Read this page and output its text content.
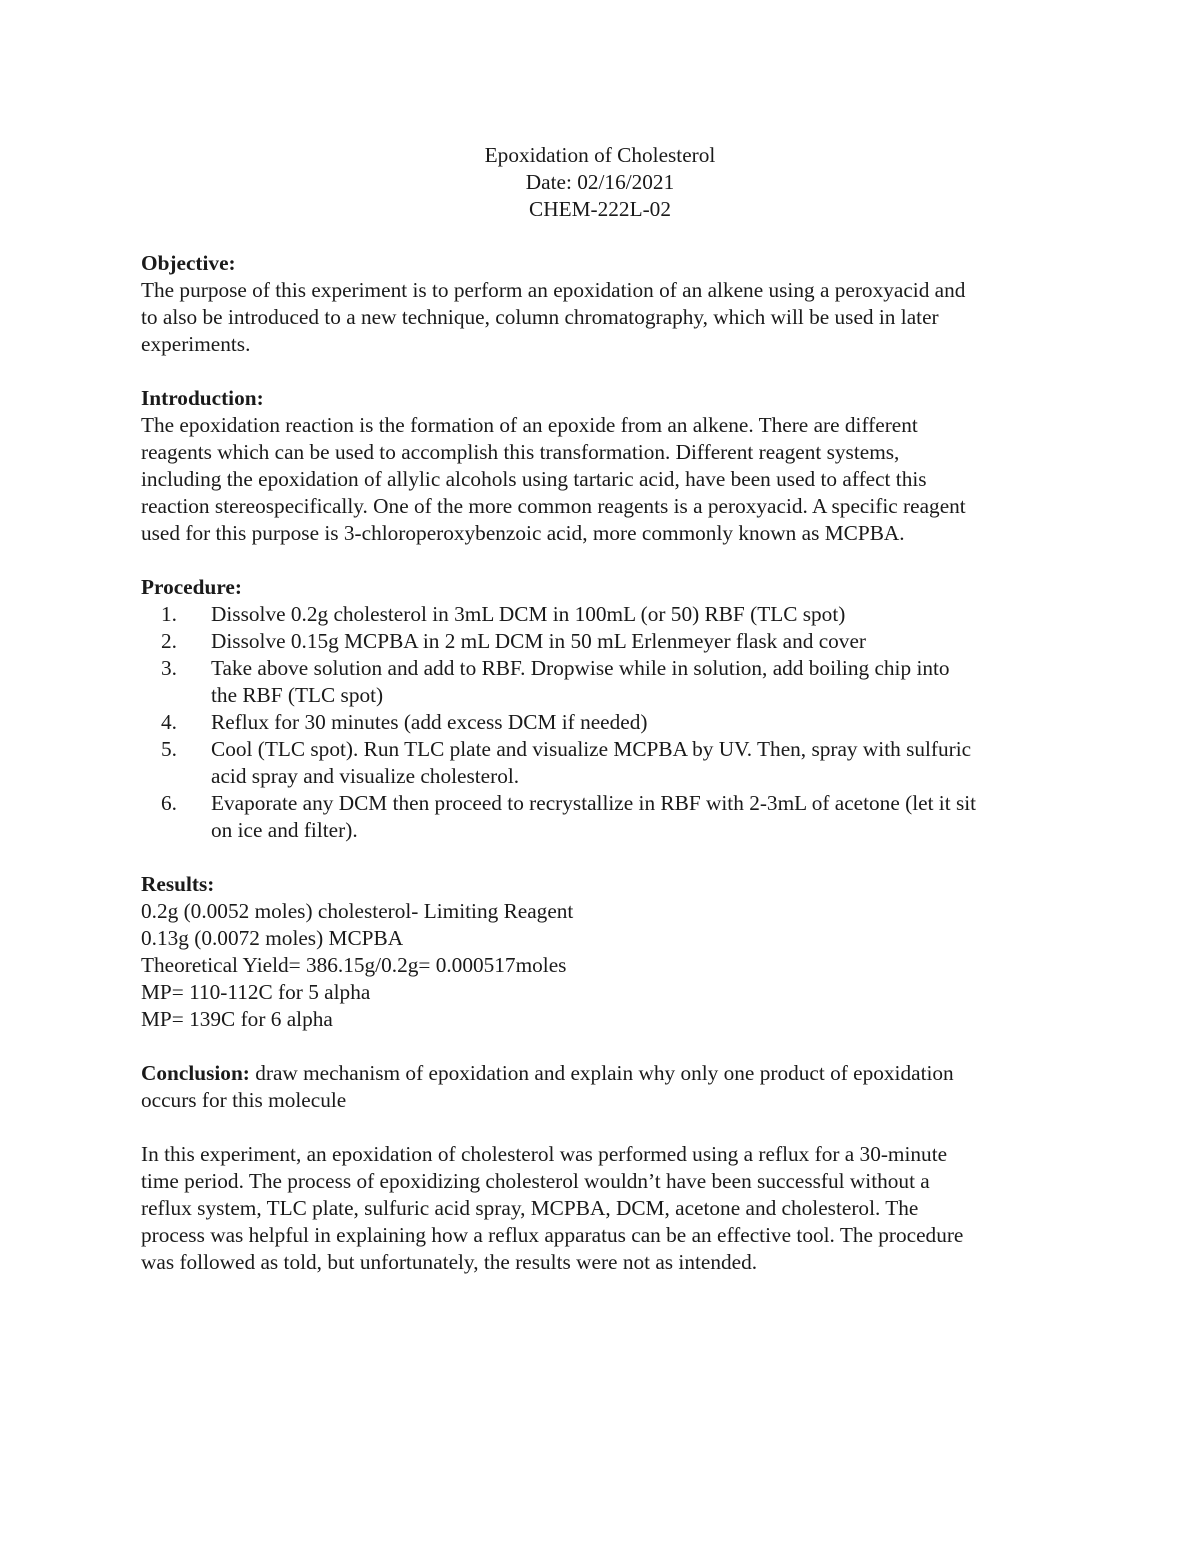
Epoxidation of Cholesterol
Date: 02/16/2021
CHEM-222L-02
Objective:
The purpose of this experiment is to perform an epoxidation of an alkene using a peroxyacid and
to also be introduced to a new technique, column chromatography, which will be used in later
experiments.
Introduction:
The epoxidation reaction is the formation of an epoxide from an alkene. There are different
reagents which can be used to accomplish this transformation. Different reagent systems,
including the epoxidation of allylic alcohols using tartaric acid, have been used to affect this
reaction stereospecifically. One of the more common reagents is a peroxyacid. A specific reagent
used for this purpose is 3-chloroperoxybenzoic acid, more commonly known as MCPBA.
Procedure:
1.	Dissolve 0.2g cholesterol in 3mL DCM in 100mL (or 50) RBF (TLC spot)
2.	Dissolve 0.15g MCPBA in 2 mL DCM in 50 mL Erlenmeyer flask and cover
3.	Take above solution and add to RBF. Dropwise while in solution, add boiling chip into
the RBF (TLC spot)
4.	Reflux for 30 minutes (add excess DCM if needed)
5.	Cool (TLC spot). Run TLC plate and visualize MCPBA by UV. Then, spray with sulfuric
acid spray and visualize cholesterol.
6.	Evaporate any DCM then proceed to recrystallize in RBF with 2-3mL of acetone (let it sit
on ice and filter).
Results:
0.2g (0.0052 moles) cholesterol- Limiting Reagent
0.13g (0.0072 moles) MCPBA
Theoretical Yield= 386.15g/0.2g= 0.000517moles
MP= 110-112C for 5 alpha
MP= 139C for 6 alpha
Conclusion: draw mechanism of epoxidation and explain why only one product of epoxidation
occurs for this molecule
In this experiment, an epoxidation of cholesterol was performed using a reflux for a 30-minute
time period. The process of epoxidizing cholesterol wouldn’t have been successful without a
reflux system, TLC plate, sulfuric acid spray, MCPBA, DCM, acetone and cholesterol. The
process was helpful in explaining how a reflux apparatus can be an effective tool. The procedure
was followed as told, but unfortunately, the results were not as intended.
